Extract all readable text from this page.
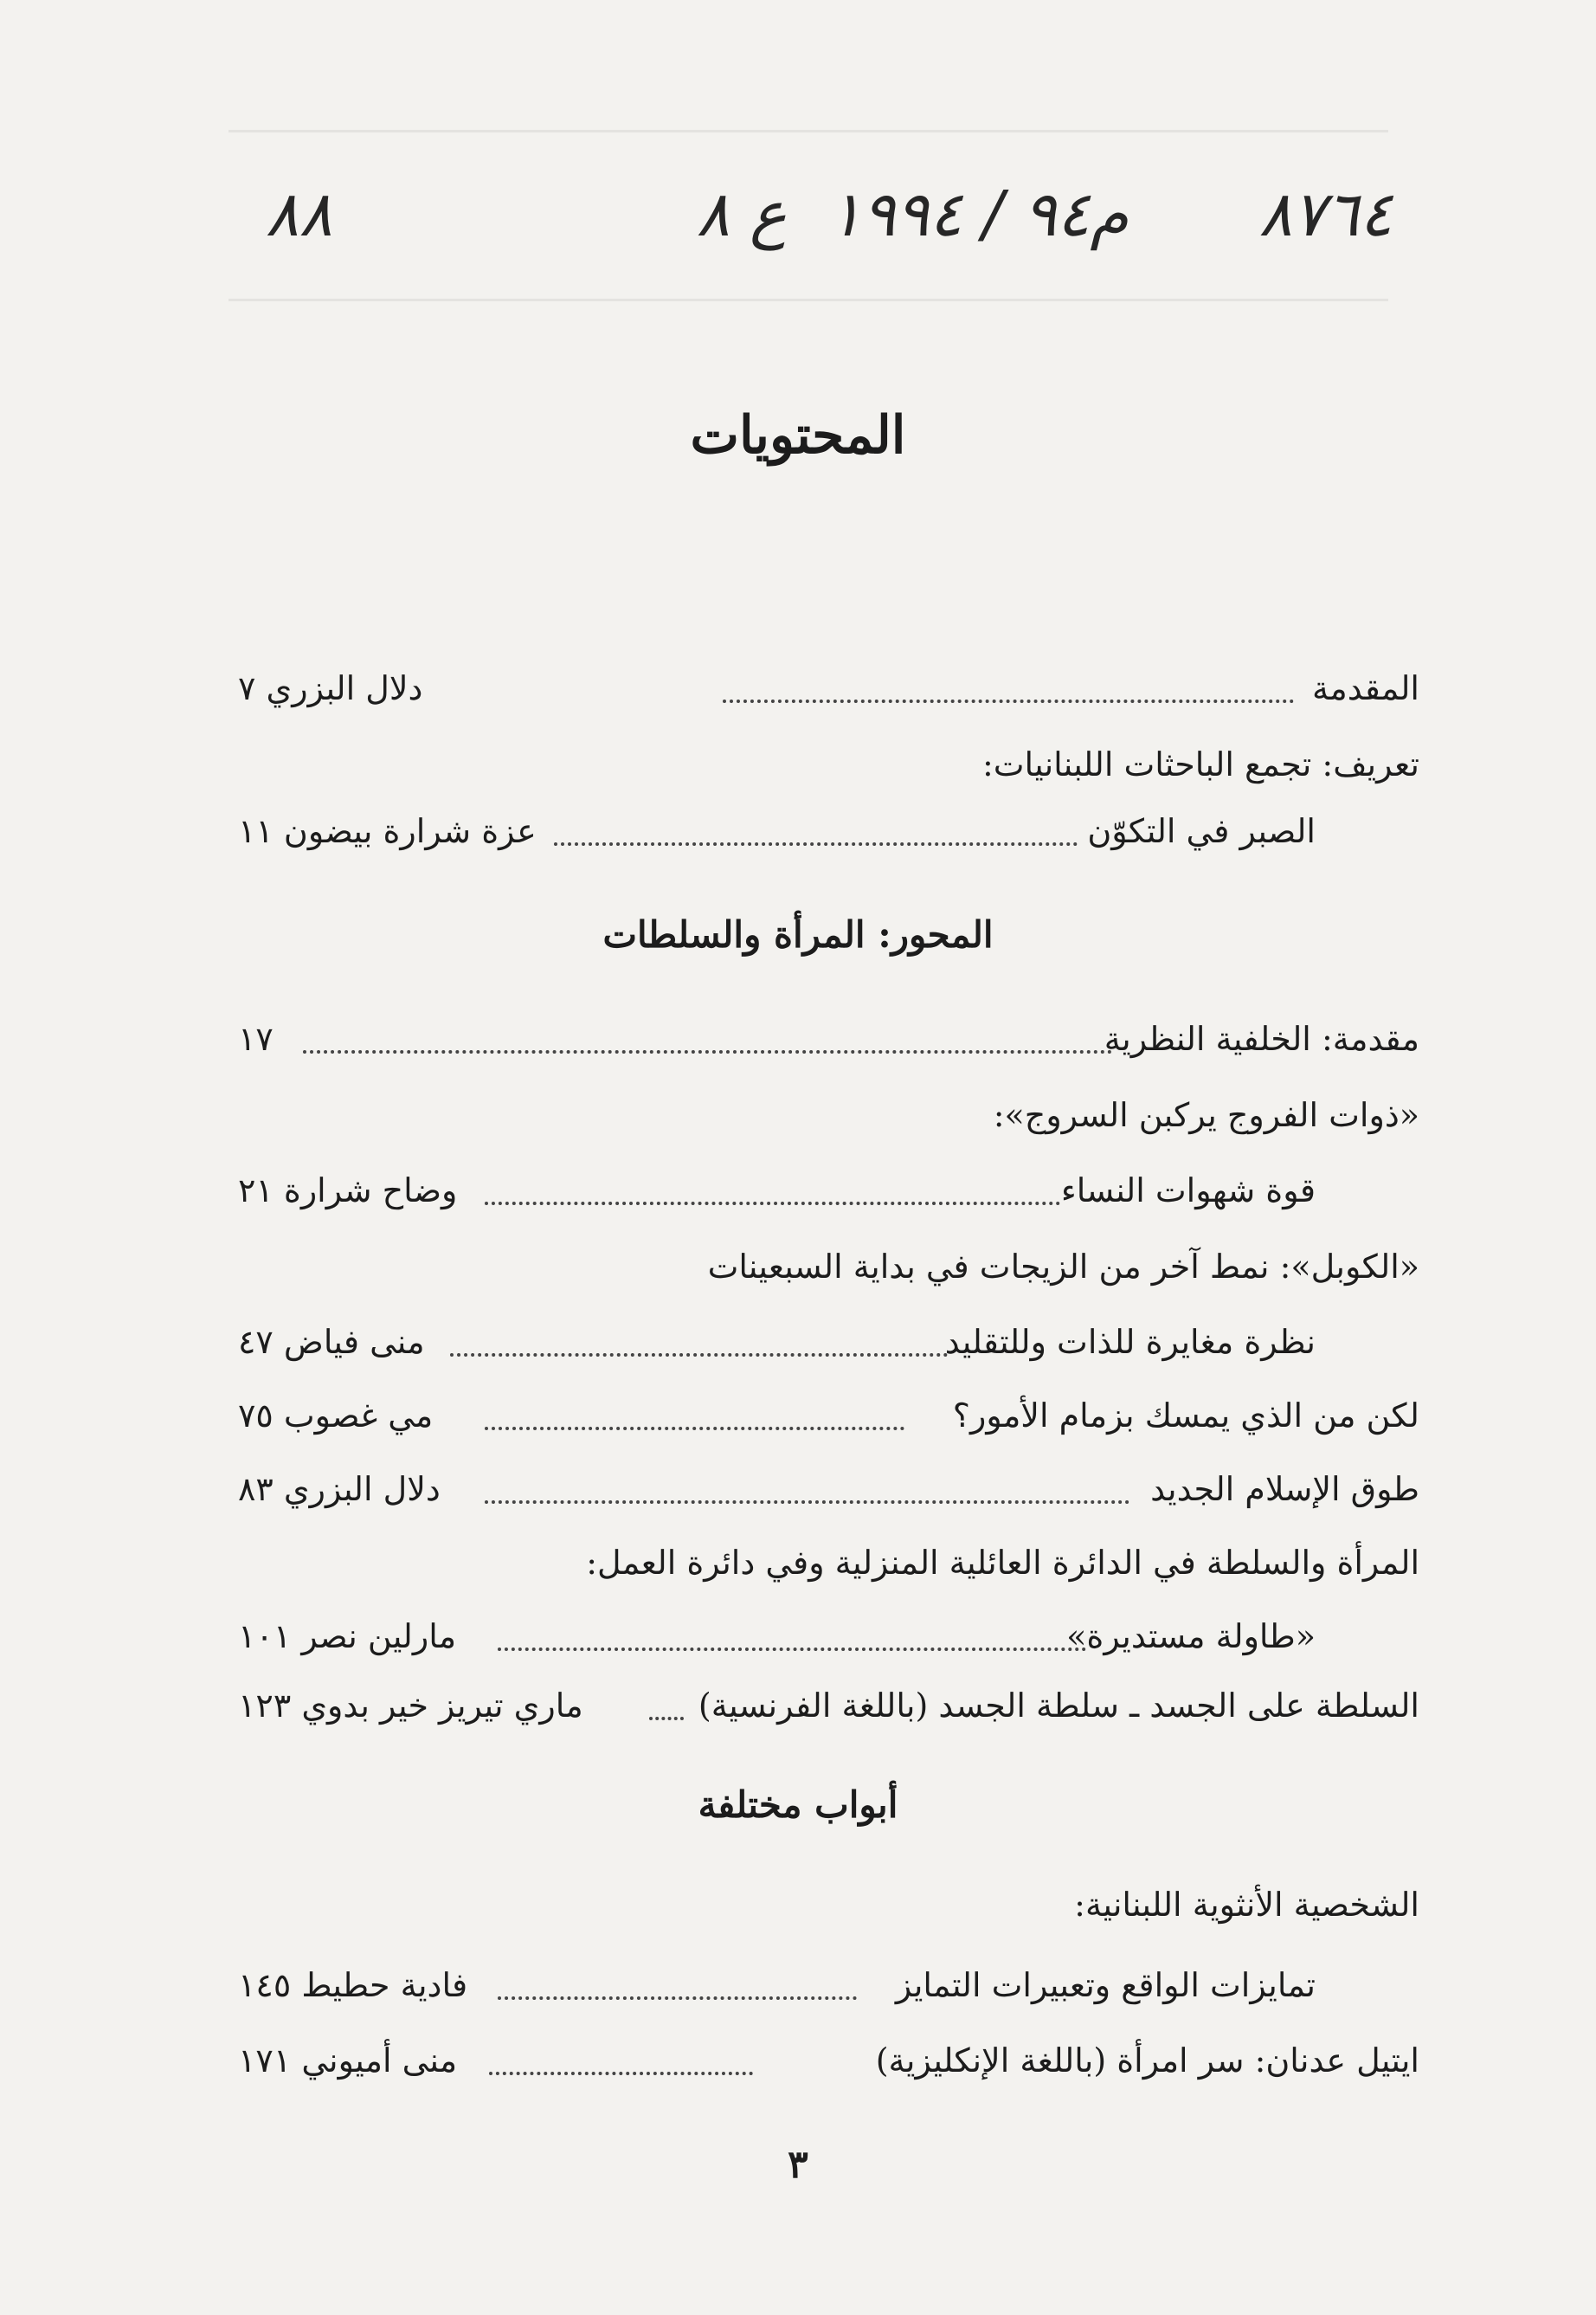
٨٧٦٤
م٩٤ / ١٩٩٤
ع ٨
٨٨
المحتويات
المقدمة
دلال البزري ٧
تعريف: تجمع الباحثات اللبنانيات:
الصبر في التكوّن
عزة شرارة بيضون ١١
المحور: المرأة والسلطات
مقدمة: الخلفية النظرية
١٧
«ذوات الفروج يركبن السروج»:
قوة شهوات النساء
وضاح شرارة ٢١
«الكوبل»: نمط آخر من الزيجات في بداية السبعينات
نظرة مغايرة للذات وللتقليد
منى فياض ٤٧
لكن من الذي يمسك بزمام الأمور؟
مي غصوب ٧٥
طوق الإسلام الجديد
دلال البزري ٨٣
المرأة والسلطة في الدائرة العائلية المنزلية وفي دائرة العمل:
«طاولة مستديرة»
مارلين نصر ١٠١
السلطة على الجسد ـ سلطة الجسد (باللغة الفرنسية)
ماري تيريز خير بدوي ١٢٣
أبواب مختلفة
الشخصية الأنثوية اللبنانية:
تمايزات الواقع وتعبيرات التمايز
فادية حطيط ١٤٥
ايتيل عدنان: سر امرأة (باللغة الإنكليزية)
منى أميوني ١٧١
٣
